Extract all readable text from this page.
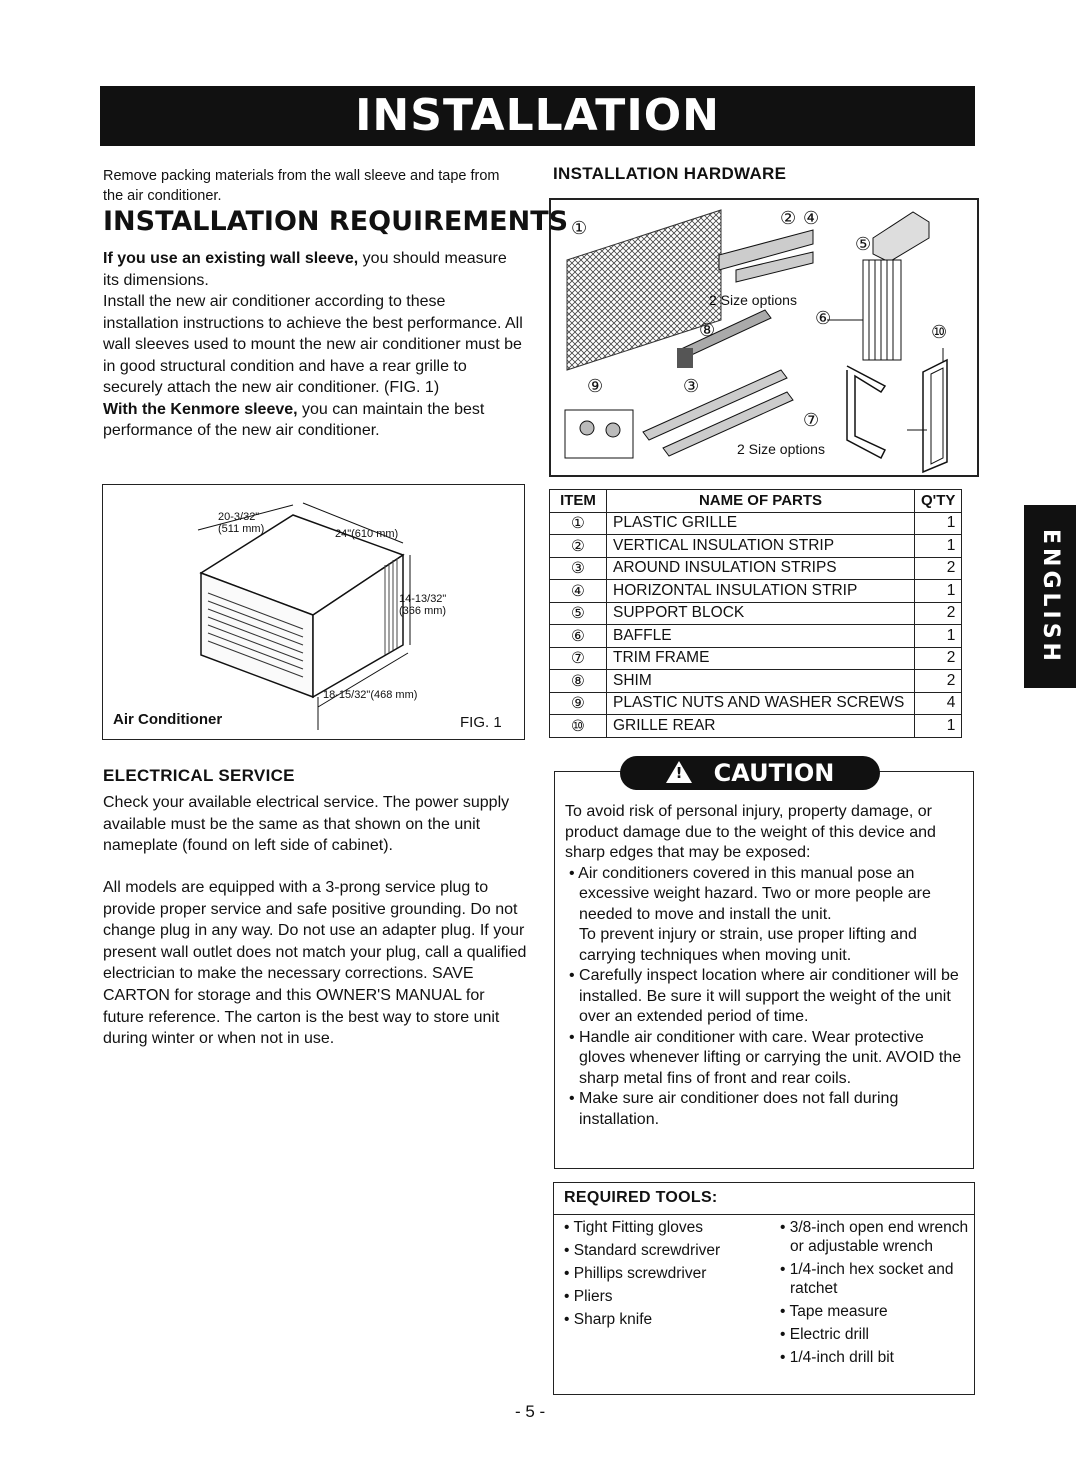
INSTALLATION
Remove packing materials from the wall sleeve and tape from the air conditioner.
INSTALLATION REQUIREMENTS

If you use an existing wall sleeve, you should measure its dimensions.

Install the new air conditioner according to these installation instructions to achieve the best performance. All wall sleeves used to mount the new air conditioner must be in good structural condition and have a rear grille to securely attach the new air conditioner. (FIG. 1)

With the Kenmore sleeve, you can maintain the best performance of the new air conditioner.

20-3/32"
(511 mm)	24"(610 mm)
14-13/32"
(366 mm)
18-15/32"(468 mm)
Air Conditioner	FIG. 1
ELECTRICAL SERVICE
Check your available electrical service. The power supply available must be the same as that shown on the unit nameplate (found on left side of cabinet).
All models are equipped with a 3-prong service plug to provide proper service and safe positive grounding. Do not change plug in any way. Do not use an adapter plug. If your present wall outlet does not match your plug, call a qualified electrician to make the necessary corrections. SAVE CARTON for storage and this OWNER'S MANUAL for future reference. The carton is the best way to store unit during winter or when not in use.
INSTALLATION HARDWARE
①	② ④
⑤
⑥
⑩
⑧
⑨	③
⑦
2 Size options
2 Size options
ITEM	NAME OF PARTS	Q'TY
①	PLASTIC GRILLE	1
②	VERTICAL INSULATION STRIP	1
③	AROUND INSULATION STRIPS	2
④	HORIZONTAL INSULATION STRIP	1
⑤	SUPPORT BLOCK	2
⑥	BAFFLE	1
⑦	TRIM FRAME	2
⑧	SHIM	2
⑨	PLASTIC NUTS AND WASHER SCREWS	4
⑩	GRILLE REAR	1
To avoid risk of personal injury, property damage, or product damage due to the weight of this device and sharp edges that may be exposed:
• Air conditioners covered in this manual pose an excessive weight hazard. Two or more people are needed to move and install the unit.
To prevent injury or strain, use proper lifting and carrying techniques when moving unit.
• Carefully inspect location where air conditioner will be installed. Be sure it will support the weight of the unit over an extended period of time.
• Handle air conditioner with care. Wear protective gloves whenever lifting or carrying the unit. AVOID the sharp metal fins of front and rear coils.
• Make sure air conditioner does not fall during installation.
! CAUTION
REQUIRED TOOLS:
• Tight Fitting gloves
• Standard screwdriver
• Phillips screwdriver
• Pliers
• Sharp knife
• 3/8-inch open end wrench or adjustable wrench
• 1/4-inch hex socket and ratchet
• Tape measure
• Electric drill
• 1/4-inch drill bit
ENGLISH
- 5 -
